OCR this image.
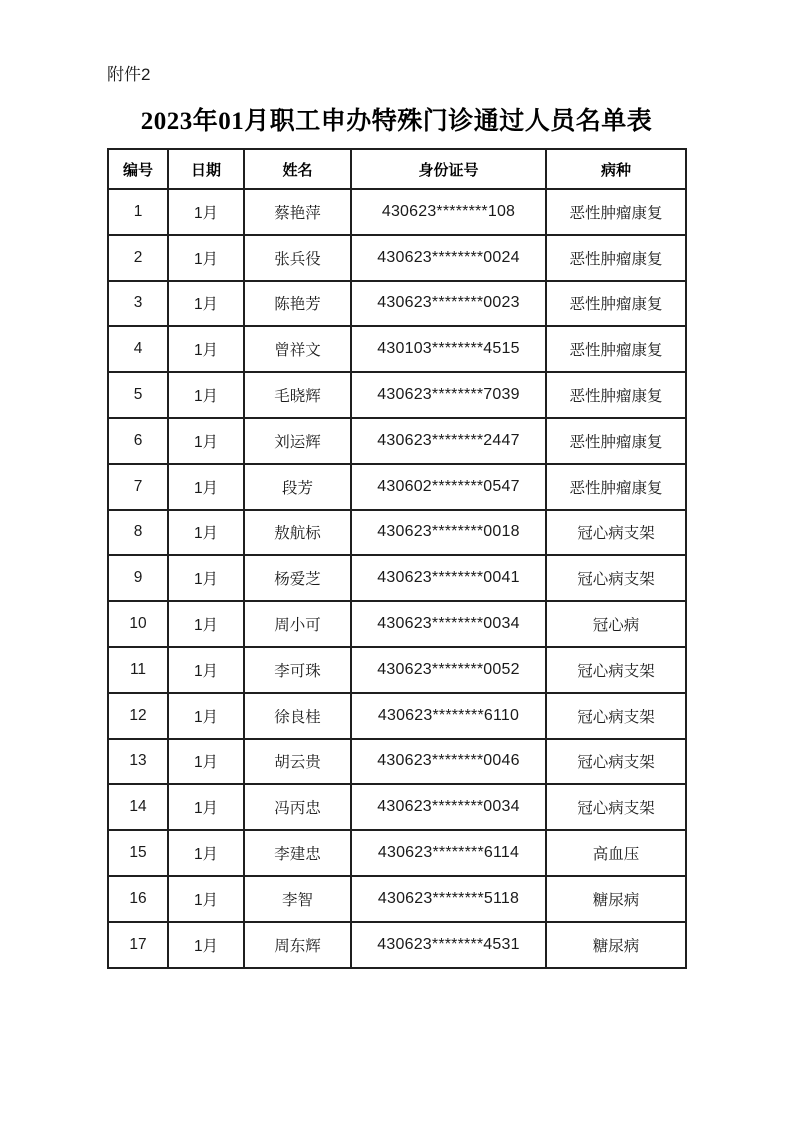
附件2
2023年01月职工申办特殊门诊通过人员名单表
编号	日期	姓名	身份证号	病种
1	1月	蔡艳萍	430623********108	恶性肿瘤康复
2	1月	张兵役	430623********0024	恶性肿瘤康复
3	1月	陈艳芳	430623********0023	恶性肿瘤康复
4	1月	曾祥文	430103********4515	恶性肿瘤康复
5	1月	毛晓辉	430623********7039	恶性肿瘤康复
6	1月	刘运辉	430623********2447	恶性肿瘤康复
7	1月	段芳	430602********0547	恶性肿瘤康复
8	1月	敖航标	430623********0018	冠心病支架
9	1月	杨爱芝	430623********0041	冠心病支架
10	1月	周小可	430623********0034	冠心病
11	1月	李可珠	430623********0052	冠心病支架
12	1月	徐良桂	430623********6110	冠心病支架
13	1月	胡云贵	430623********0046	冠心病支架
14	1月	冯丙忠	430623********0034	冠心病支架
15	1月	李建忠	430623********6114	高血压
16	1月	李智	430623********5118	糖尿病
17	1月	周东辉	430623********4531	糖尿病
